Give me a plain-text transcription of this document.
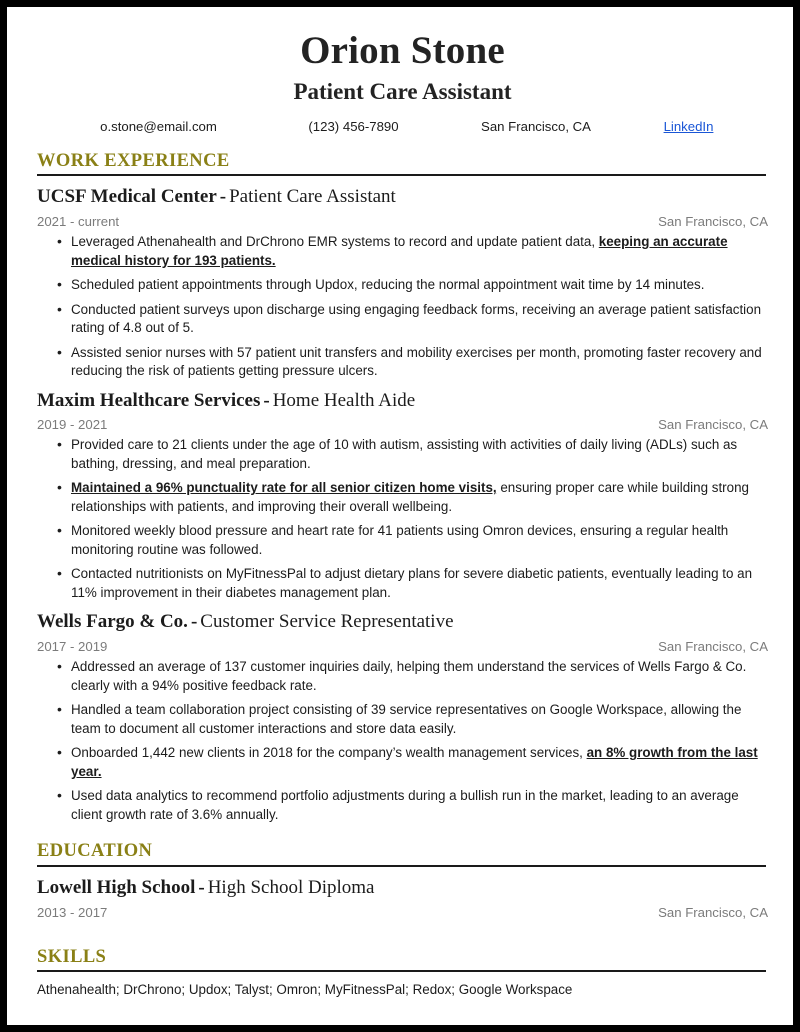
Orion Stone
Patient Care Assistant
o.stone@email.com	(123) 456-7890	San Francisco, CA	LinkedIn
WORK EXPERIENCE
UCSF Medical Center - Patient Care Assistant
2021 - current	San Francisco, CA
• Leveraged Athenahealth and DrChrono EMR systems to record and update patient data, keeping an accurate medical history for 193 patients.
• Scheduled patient appointments through Updox, reducing the normal appointment wait time by 14 minutes.
• Conducted patient surveys upon discharge using engaging feedback forms, receiving an average patient satisfaction rating of 4.8 out of 5.
• Assisted senior nurses with 57 patient unit transfers and mobility exercises per month, promoting faster recovery and reducing the risk of patients getting pressure ulcers.
Maxim Healthcare Services - Home Health Aide
2019 - 2021	San Francisco, CA
• Provided care to 21 clients under the age of 10 with autism, assisting with activities of daily living (ADLs) such as bathing, dressing, and meal preparation.
• Maintained a 96% punctuality rate for all senior citizen home visits, ensuring proper care while building strong relationships with patients, and improving their overall wellbeing.
• Monitored weekly blood pressure and heart rate for 41 patients using Omron devices, ensuring a regular health monitoring routine was followed.
• Contacted nutritionists on MyFitnessPal to adjust dietary plans for severe diabetic patients, eventually leading to an 11% improvement in their diabetes management plan.
Wells Fargo & Co. - Customer Service Representative
2017 - 2019	San Francisco, CA
• Addressed an average of 137 customer inquiries daily, helping them understand the services of Wells Fargo & Co. clearly with a 94% positive feedback rate.
• Handled a team collaboration project consisting of 39 service representatives on Google Workspace, allowing the team to document all customer interactions and store data easily.
• Onboarded 1,442 new clients in 2018 for the company’s wealth management services, an 8% growth from the last year.
• Used data analytics to recommend portfolio adjustments during a bullish run in the market, leading to an average client growth rate of 3.6% annually.
EDUCATION
Lowell High School - High School Diploma
2013 - 2017	San Francisco, CA
SKILLS
Athenahealth; DrChrono; Updox; Talyst; Omron; MyFitnessPal; Redox; Google Workspace
